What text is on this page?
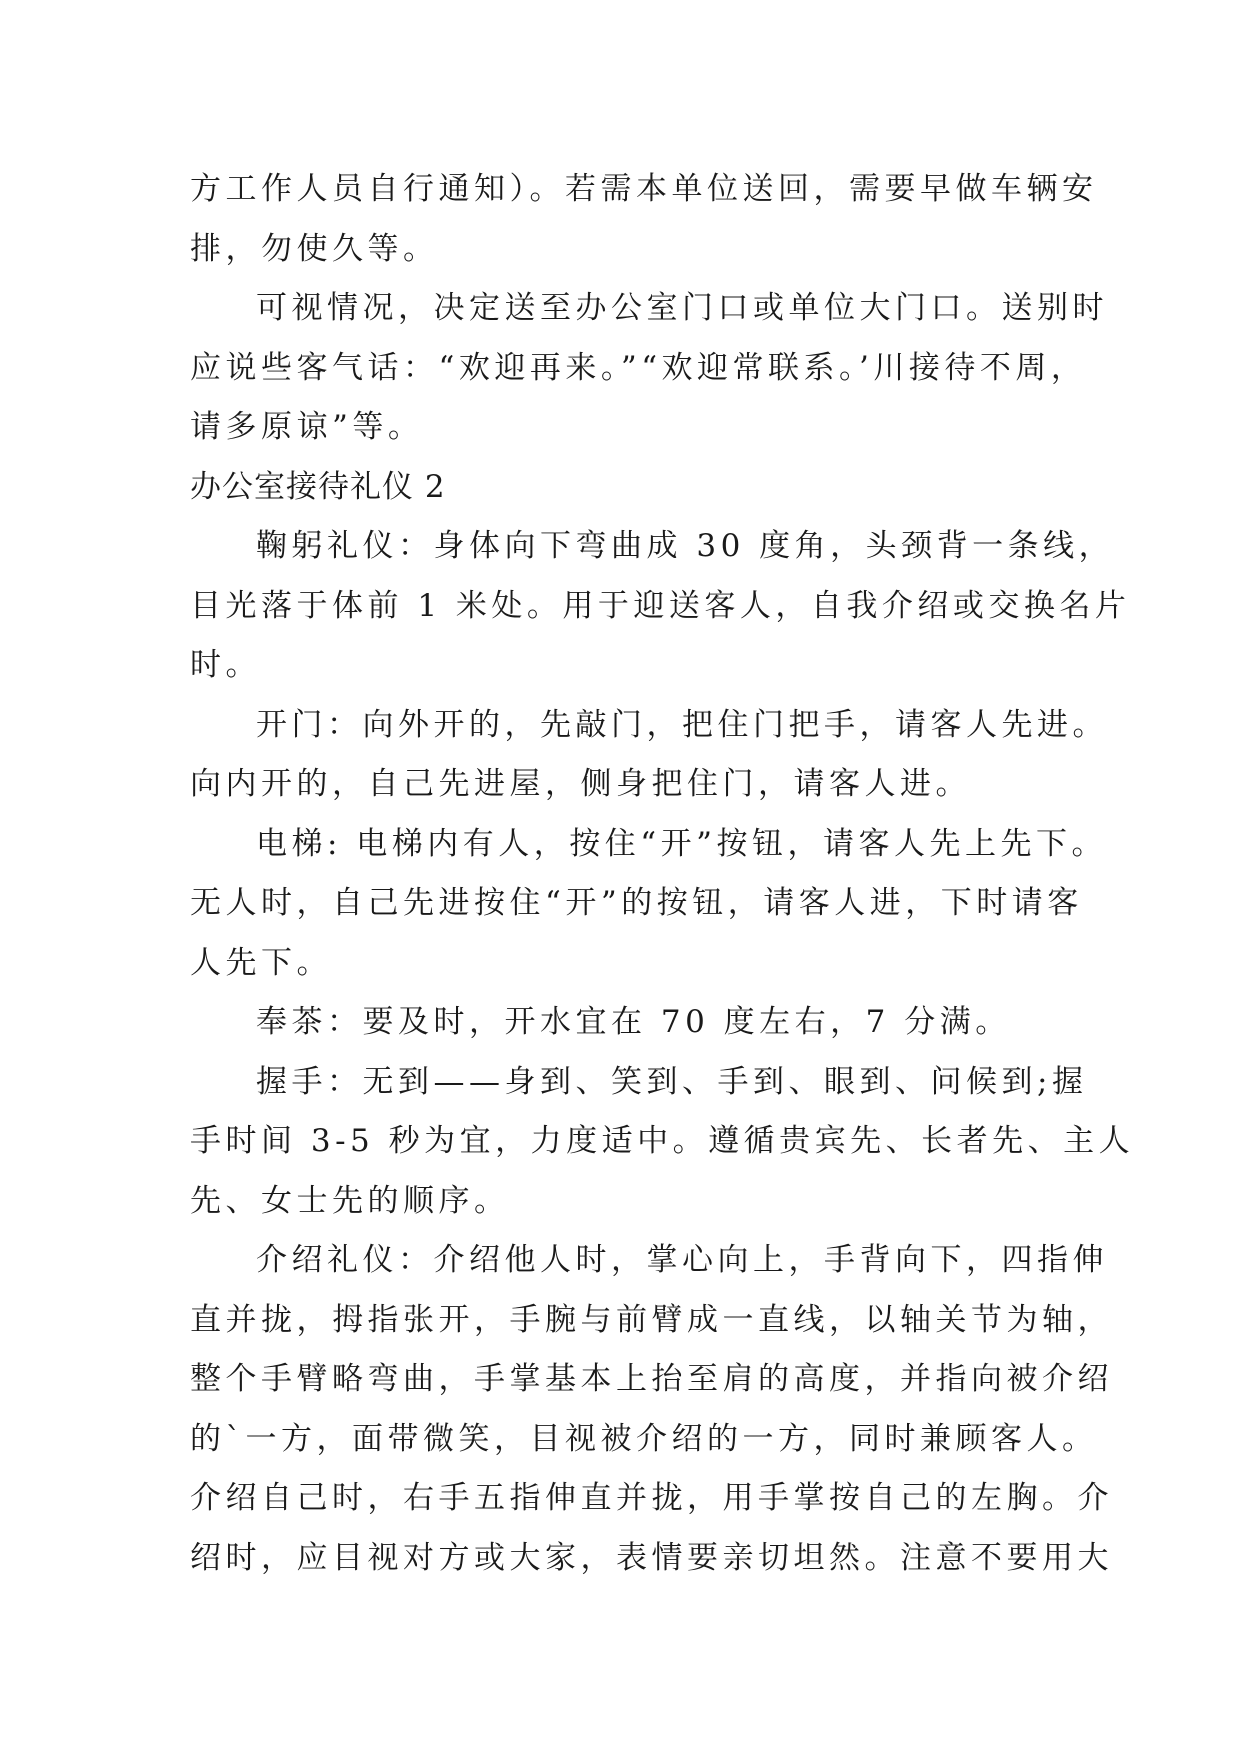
方工作人员自行通知）。若需本单位送回，需要早做车辆安
排，勿使久等。
可视情况，决定送至办公室门口或单位大门口。送别时
应说些客气话：“欢迎再来。”“欢迎常联系。’川接待不周，
请多原谅”等。
办公室接待礼仪 2
鞠躬礼仪：身体向下弯曲成 30 度角，头颈背一条线，
目光落于体前 1 米处。用于迎送客人，自我介绍或交换名片
时。
开门：向外开的，先敲门，把住门把手，请客人先进。
向内开的，自己先进屋，侧身把住门，请客人进。
电梯: 电梯内有人，按住“开”按钮，请客人先上先下。
无人时，自己先进按住“开”的按钮，请客人进，下时请客
人先下。
奉茶：要及时，开水宜在 70 度左右，7 分满。
握手：无到——身到、笑到、手到、眼到、问候到;握
手时间 3-5 秒为宜，力度适中。遵循贵宾先、长者先、主人
先、女士先的顺序。
介绍礼仪：介绍他人时，掌心向上，手背向下，四指伸
直并拢，拇指张开，手腕与前臂成一直线，以轴关节为轴，
整个手臂略弯曲，手掌基本上抬至肩的高度，并指向被介绍
的`一方，面带微笑，目视被介绍的一方，同时兼顾客人。
介绍自己时，右手五指伸直并拢，用手掌按自己的左胸。介
绍时，应目视对方或大家，表情要亲切坦然。注意不要用大
